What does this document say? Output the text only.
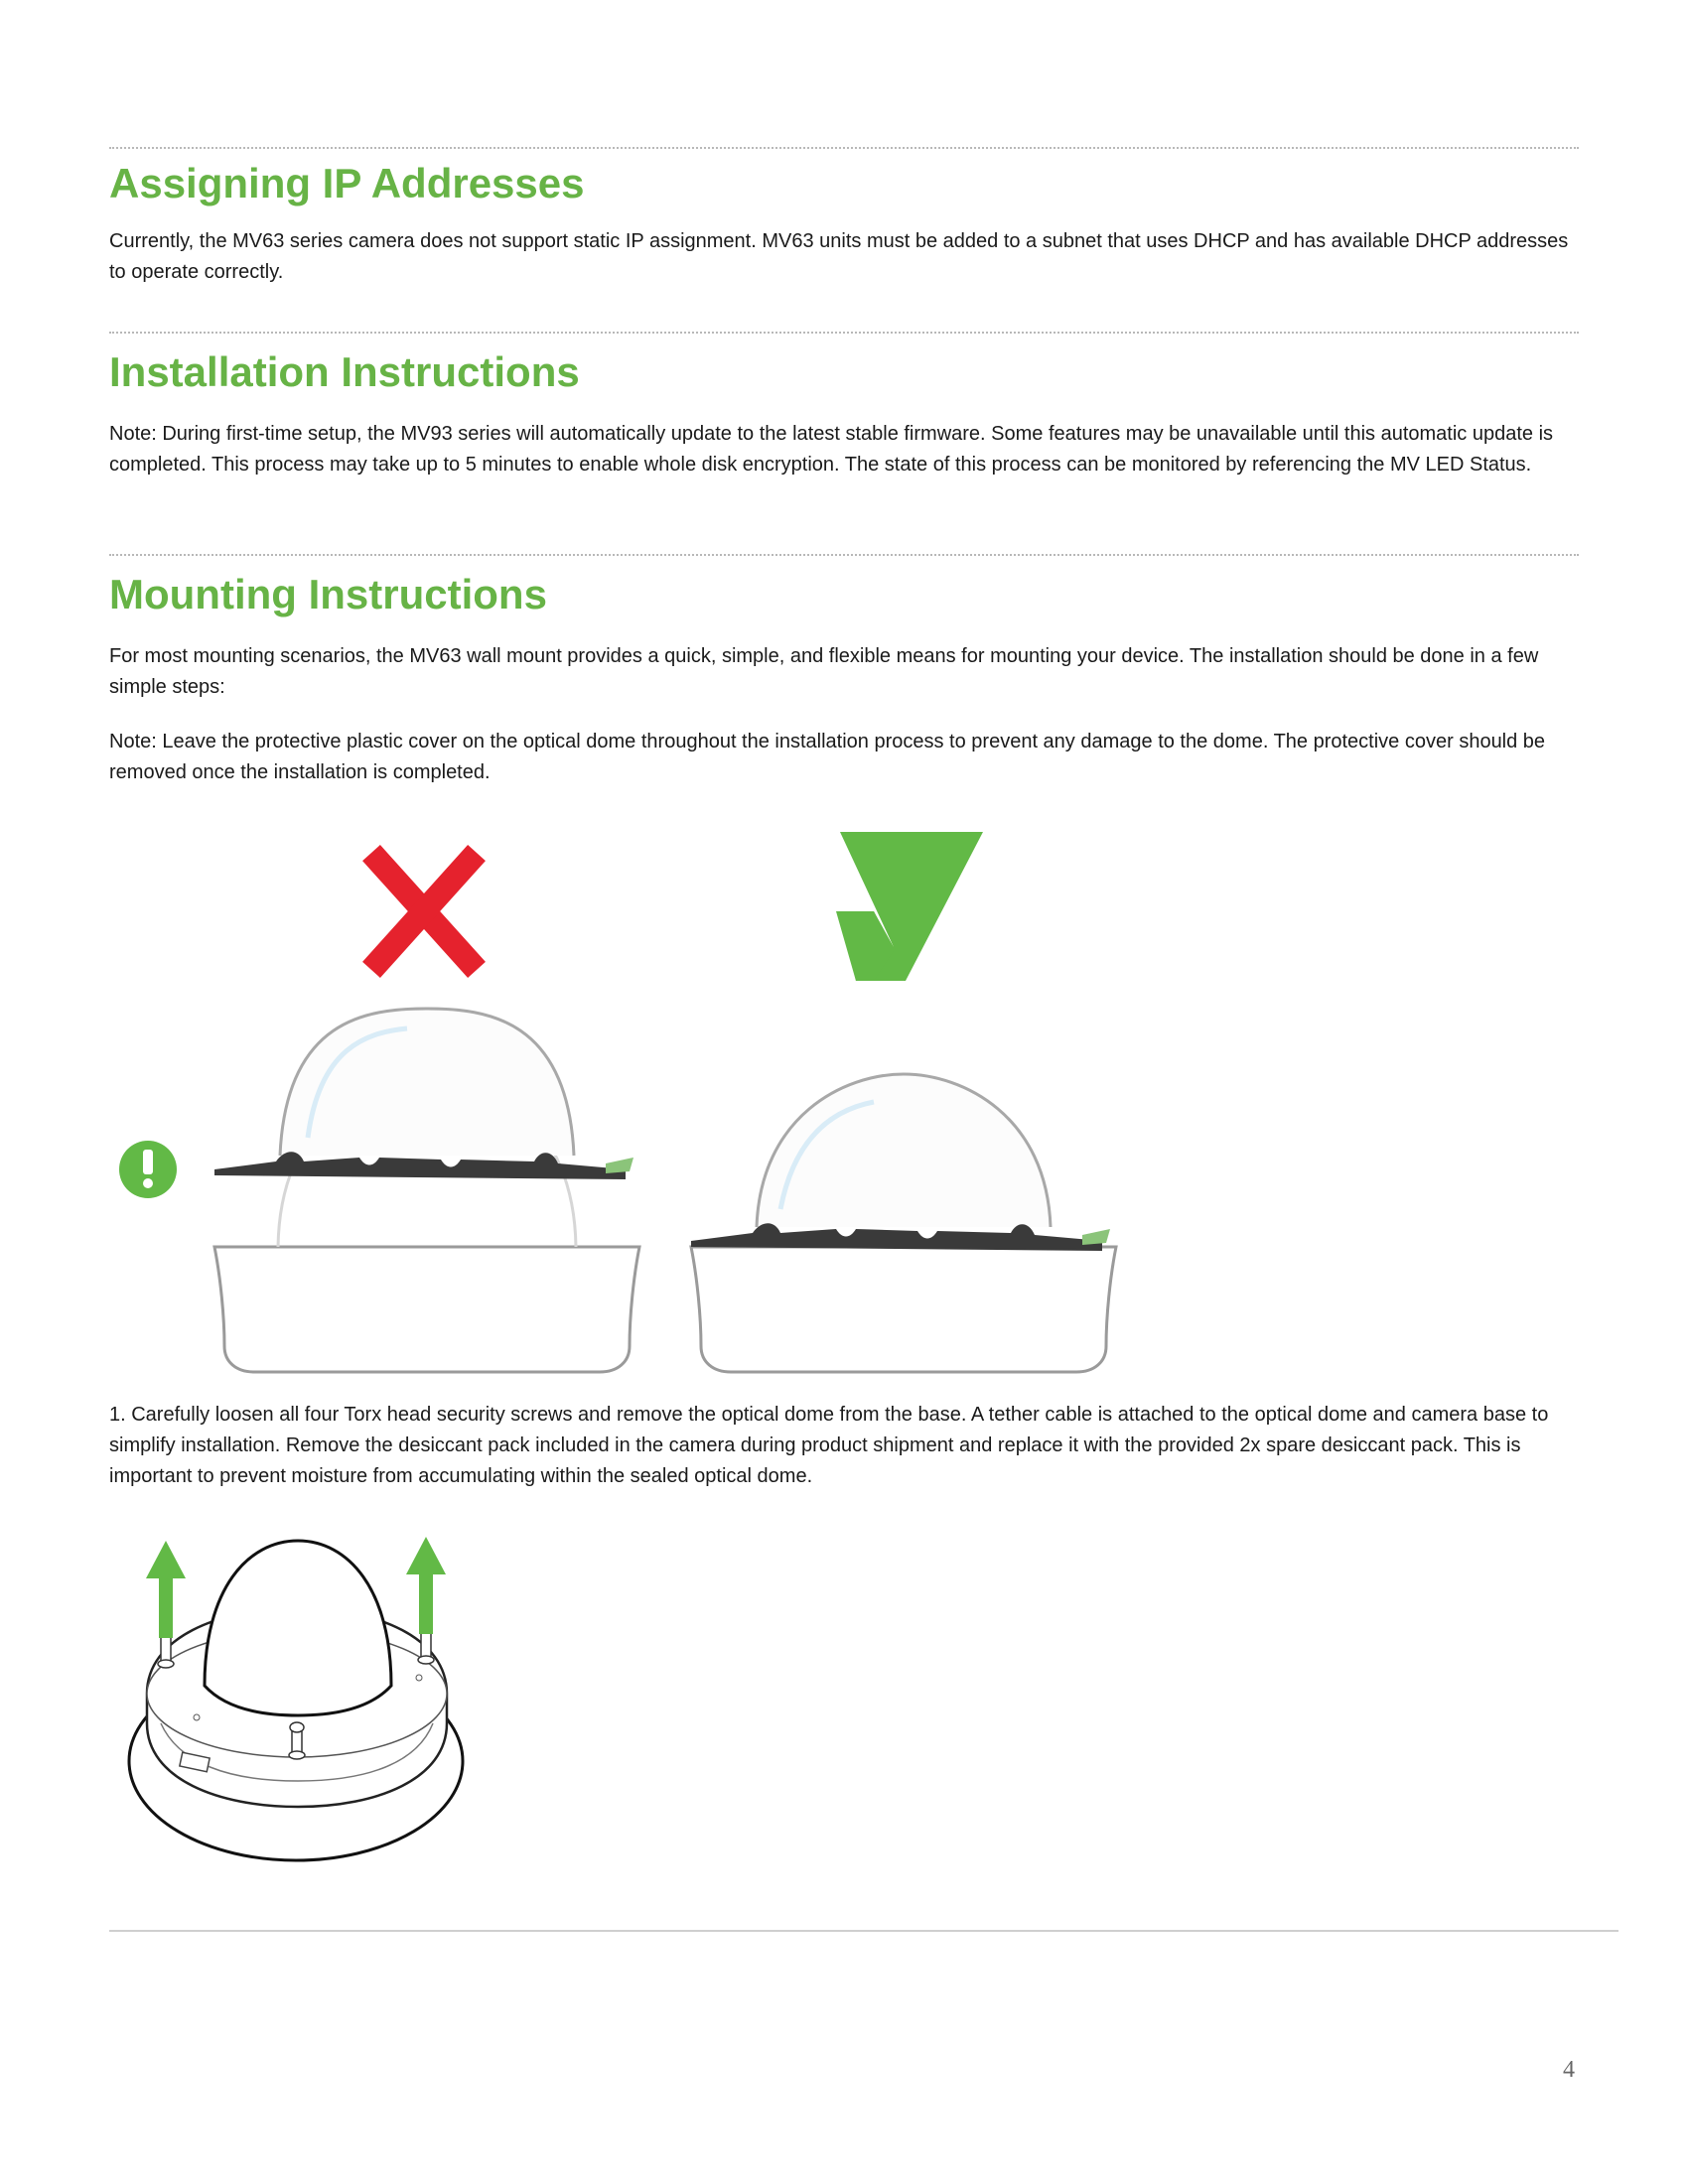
Assigning IP Addresses

Currently, the MV63 series camera does not support static IP assignment. MV63 units must be added to a subnet that uses DHCP and has available DHCP addresses to operate correctly.

Installation Instructions

Note: During first-time setup, the MV93 series will automatically update to the latest stable firmware. Some features may be unavailable until this automatic update is completed. This process may take up to 5 minutes to enable whole disk encryption. The state of this process can be monitored by referencing the MV LED Status.

Mounting Instructions

For most mounting scenarios, the MV63 wall mount provides a quick, simple, and flexible means for mounting your device. The installation should be done in a few simple steps:

Note: Leave the protective plastic cover on the optical dome throughout the installation process to prevent any damage to the dome. The protective cover should be removed once the installation is completed.

1. Carefully loosen all four Torx head security screws and remove the optical dome from the base. A tether cable is attached to the optical dome and camera base to simplify installation. Remove the desiccant pack included in the camera during product shipment and replace it with the provided 2x spare desiccant pack. This is important to prevent moisture from accumulating within the sealed optical dome.

4
